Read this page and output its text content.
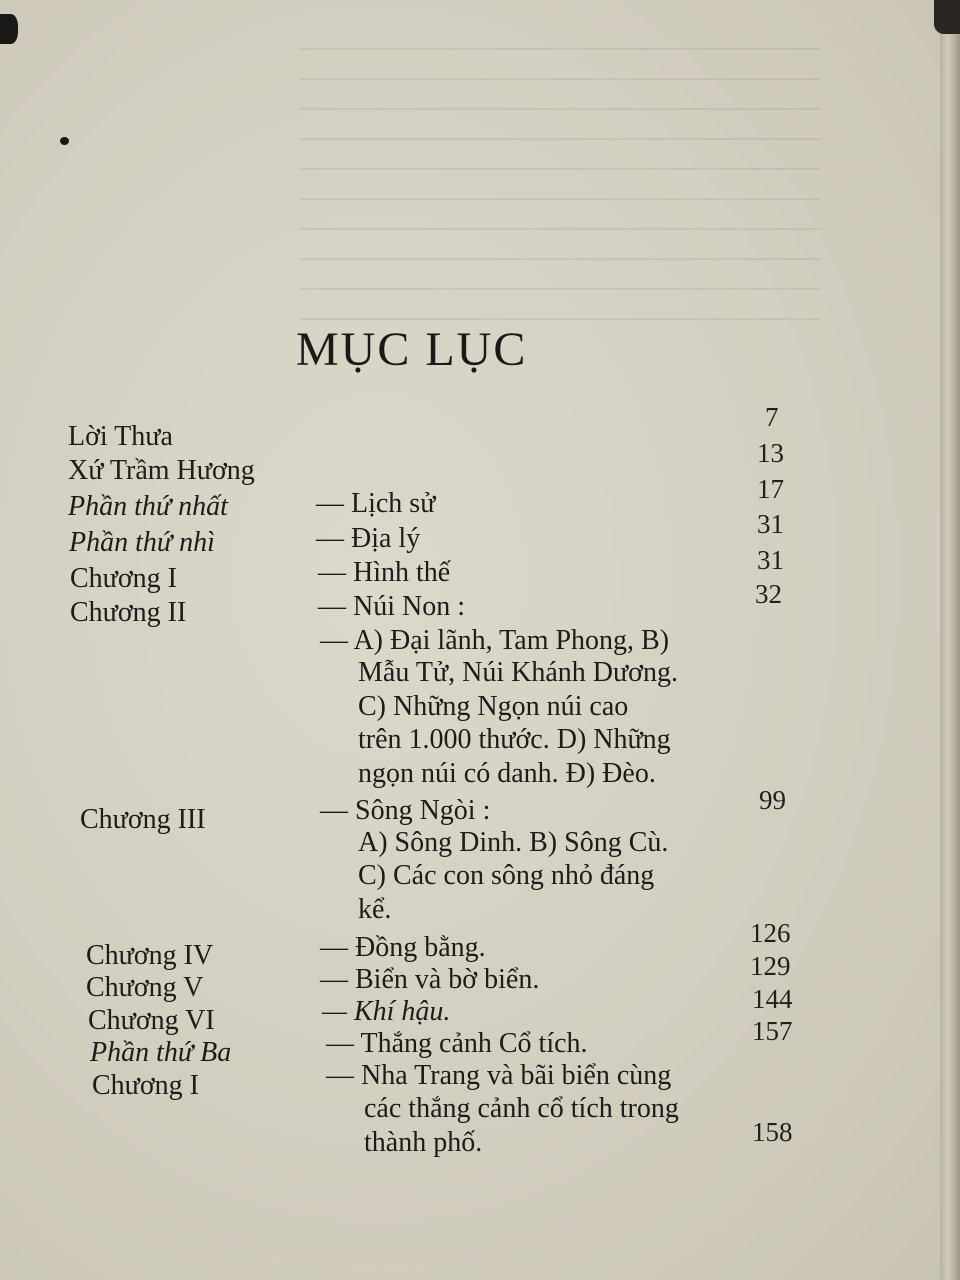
MỤC LỤC
Lời Thưa
7
Xứ Trầm Hương
13
Phần thứ nhất	— Lịch sử	17
Phần thứ nhì	— Địa lý	31
Chương I	— Hình thế	31
Chương II	— Núi Non :	32
— A) Đại lãnh, Tam Phong, B)
Mẫu Tử, Núi Khánh Dương.
C) Những Ngọn núi cao
trên 1.000 thước. D) Những
ngọn núi có danh. Đ) Đèo.
Chương III	— Sông Ngòi :	99
A) Sông Dinh. B) Sông Cù.
C) Các con sông nhỏ đáng
kể.
Chương IV	— Đồng bằng.	126
Chương V	— Biển và bờ biển.	129
Chương VI	— Khí hậu.	144
Phần thứ Ba	— Thắng cảnh Cổ tích.	157
Chương I	— Nha Trang và bãi biển cùng
các thắng cảnh cổ tích trong
thành phố.	158
